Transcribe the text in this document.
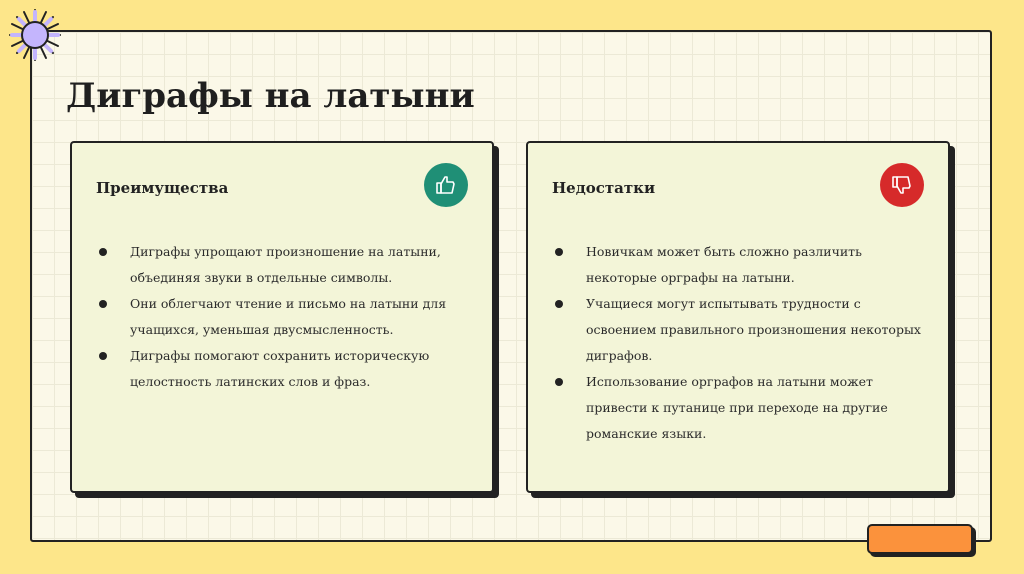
Диграфы на латыни
Преимущества
Диграфы упрощают произношение на латыни, объединяя звуки в отдельные символы.
Они облегчают чтение и письмо на латыни для учащихся, уменьшая двусмысленность.
Диграфы помогают сохранить историческую целостность латинских слов и фраз.
Недостатки
Новичкам может быть сложно различить некоторые орграфы на латыни.
Учащиеся могут испытывать трудности с освоением правильного произношения некоторых диграфов.
Использование орграфов на латыни может привести к путанице при переходе на другие романские языки.
